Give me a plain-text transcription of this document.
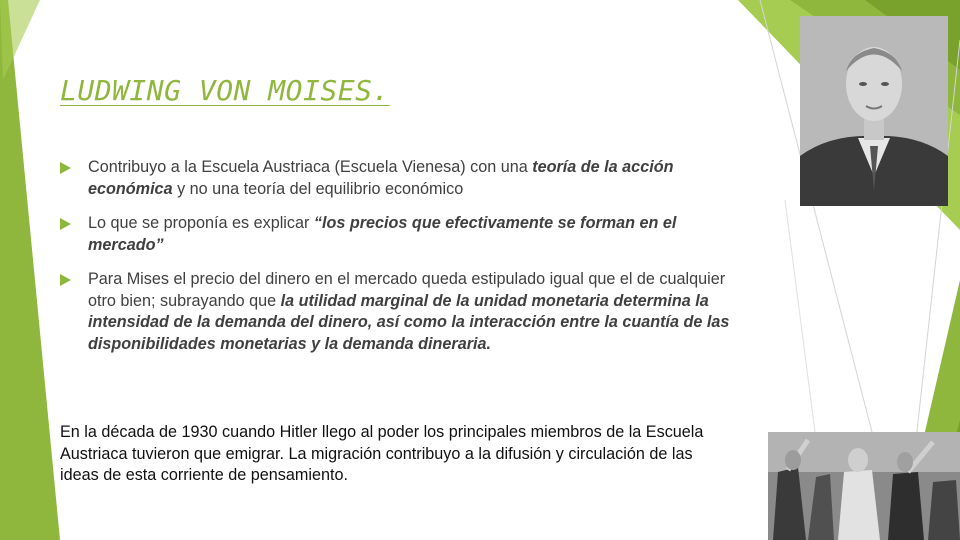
LUDWING VON MOISES.
Contribuyo a la Escuela Austriaca (Escuela Vienesa) con una teoría de la acción económica y no una teoría del equilibrio económico
Lo que se proponía es explicar “los precios que efectivamente se forman en el mercado”
Para Mises el precio del dinero en el mercado queda estipulado igual que el de cualquier otro bien; subrayando que la utilidad marginal de la unidad monetaria determina la intensidad de la demanda del dinero, así como la interacción entre la cuantía de las disponibilidades monetarias y la demanda dineraria.

En la década de 1930 cuando Hitler llego al poder los principales miembros de la Escuela Austriaca tuvieron que emigrar. La migración contribuyo a la difusión y circulación de las ideas de esta corriente de pensamiento.
